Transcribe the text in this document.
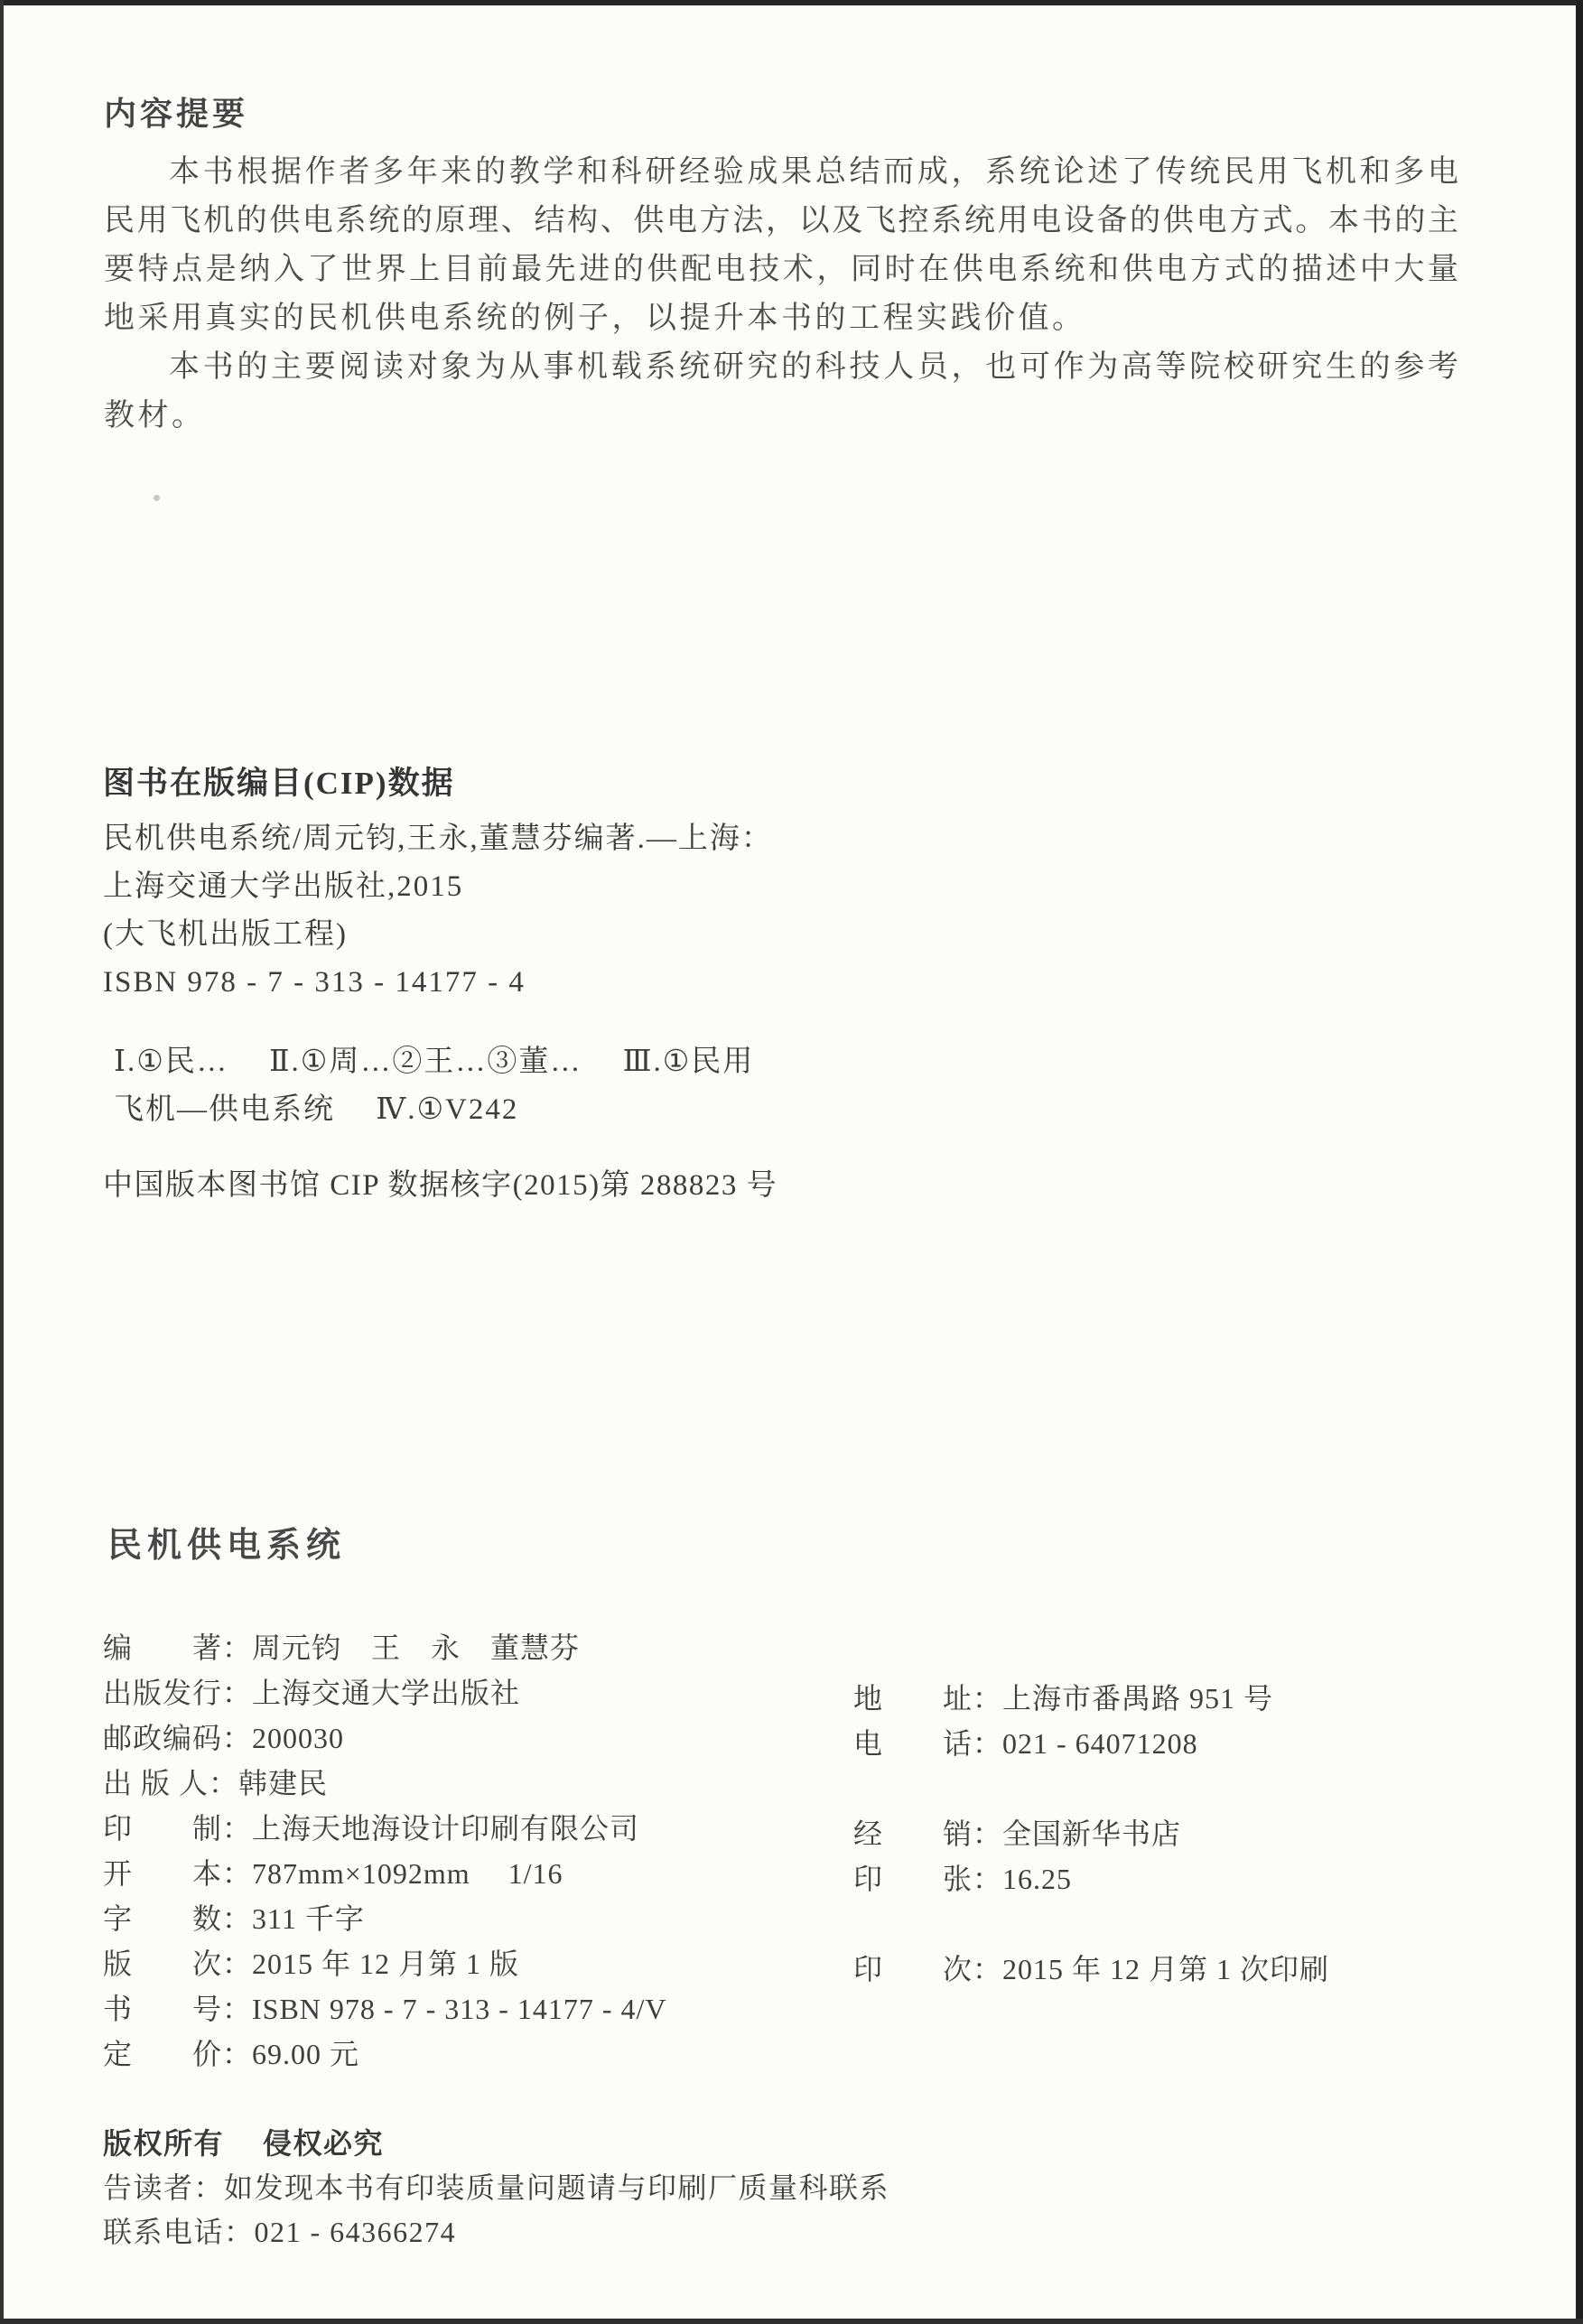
内容提要
本书根据作者多年来的教学和科研经验成果总结而成，系统论述了传统民用飞机和多电
民用飞机的供电系统的原理、结构、供电方法，以及飞控系统用电设备的供电方式。本书的主
要特点是纳入了世界上目前最先进的供配电技术，同时在供电系统和供电方式的描述中大量
地采用真实的民机供电系统的例子，以提升本书的工程实践价值。
本书的主要阅读对象为从事机载系统研究的科技人员，也可作为高等院校研究生的参考
教材。
图书在版编目(CIP)数据
民机供电系统/周元钧,王永,董慧芬编著.—上海：
上海交通大学出版社,2015
(大飞机出版工程)
ISBN 978 - 7 - 313 - 14177 - 4
Ⅰ.①民…　 Ⅱ.①周…②王…③董…　 Ⅲ.①民用
飞机—供电系统　 Ⅳ.①V242
中国版本图书馆 CIP 数据核字(2015)第 288823 号
民机供电系统
编　　著：周元钧　王　永　董慧芬
出版发行：上海交通大学出版社
邮政编码：200030
出 版 人：韩建民
印　　制：上海天地海设计印刷有限公司
开　　本：787mm×1092mm　 1/16
字　　数：311 千字
版　　次：2015 年 12 月第 1 版
书　　号：ISBN 978 - 7 - 313 - 14177 - 4/V
定　　价：69.00 元
地　　址：上海市番禺路 951 号
电　　话：021 - 64071208
经　　销：全国新华书店
印　　张：16.25
印　　次：2015 年 12 月第 1 次印刷
版权所有　 侵权必究
告读者：如发现本书有印装质量问题请与印刷厂质量科联系
联系电话：021 - 64366274
